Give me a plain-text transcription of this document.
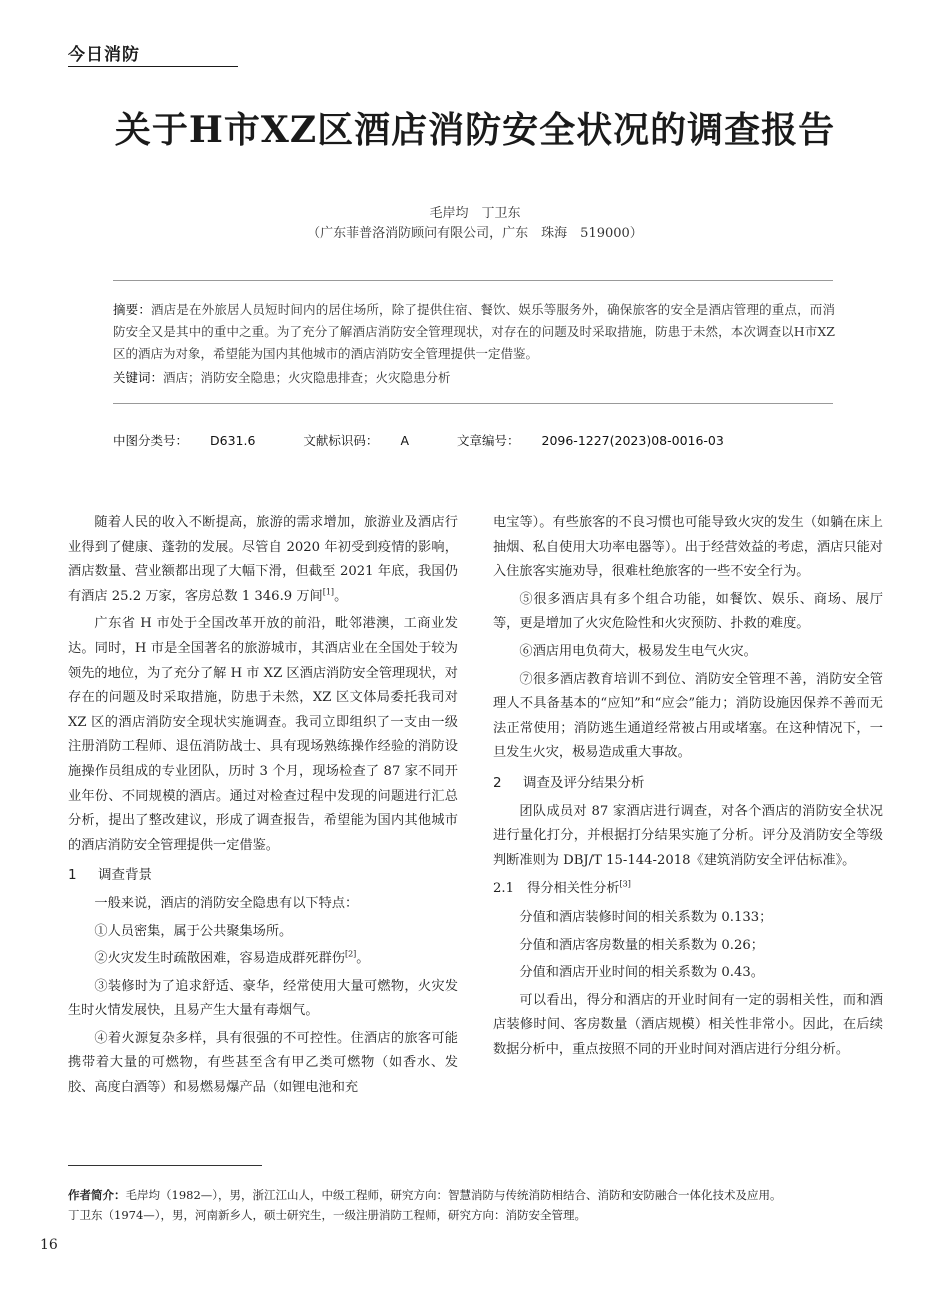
今日消防
关于H市XZ区酒店消防安全状况的调查报告
毛岸均　丁卫东
（广东菲普洛消防顾问有限公司，广东　珠海　519000）
摘要：酒店是在外旅居人员短时间内的居住场所，除了提供住宿、餐饮、娱乐等服务外，确保旅客的安全是酒店管理的重点，而消防安全又是其中的重中之重。为了充分了解酒店消防安全管理现状，对存在的问题及时采取措施，防患于未然，本次调查以H市XZ区的酒店为对象，希望能为国内其他城市的酒店消防安全管理提供一定借鉴。
关键词：酒店；消防安全隐患；火灾隐患排查；火灾隐患分析
中图分类号： D631.6	文献标识码： A	文章编号： 2096-1227(2023)08-0016-03

随着人民的收入不断提高，旅游的需求增加，旅游业及酒店行业得到了健康、蓬勃的发展。尽管自 2020 年初受到疫情的影响，酒店数量、营业额都出现了大幅下滑，但截至 2021 年底，我国仍有酒店 25.2 万家，客房总数 1 346.9 万间[1]。

广东省 H 市处于全国改革开放的前沿，毗邻港澳，工商业发达。同时，H 市是全国著名的旅游城市，其酒店业在全国处于较为领先的地位，为了充分了解 H 市 XZ 区酒店消防安全管理现状，对存在的问题及时采取措施，防患于未然，XZ 区文体局委托我司对 XZ 区的酒店消防安全现状实施调查。我司立即组织了一支由一级注册消防工程师、退伍消防战士、具有现场熟练操作经验的消防设施操作员组成的专业团队，历时 3 个月，现场检查了 87 家不同开业年份、不同规模的酒店。通过对检查过程中发现的问题进行汇总分析，提出了整改建议，形成了调查报告，希望能为国内其他城市的酒店消防安全管理提供一定借鉴。

1 调查背景

一般来说，酒店的消防安全隐患有以下特点：

①人员密集，属于公共聚集场所。

②火灾发生时疏散困难，容易造成群死群伤[2]。

③装修时为了追求舒适、豪华，经常使用大量可燃物，火灾发生时火情发展快，且易产生大量有毒烟气。

④着火源复杂多样，具有很强的不可控性。住酒店的旅客可能携带着大量的可燃物，有些甚至含有甲乙类可燃物（如香水、发胶、高度白酒等）和易燃易爆产品（如锂电池和充

电宝等）。有些旅客的不良习惯也可能导致火灾的发生（如躺在床上抽烟、私自使用大功率电器等）。出于经营效益的考虑，酒店只能对入住旅客实施劝导，很难杜绝旅客的一些不安全行为。

⑤很多酒店具有多个组合功能，如餐饮、娱乐、商场、展厅等，更是增加了火灾危险性和火灾预防、扑救的难度。

⑥酒店用电负荷大，极易发生电气火灾。

⑦很多酒店教育培训不到位、消防安全管理不善，消防安全管理人不具备基本的“应知”和“应会”能力；消防设施因保养不善而无法正常使用；消防逃生通道经常被占用或堵塞。在这种情况下，一旦发生火灾，极易造成重大事故。

2 调查及评分结果分析

团队成员对 87 家酒店进行调查，对各个酒店的消防安全状况进行量化打分，并根据打分结果实施了分析。评分及消防安全等级判断准则为 DBJ/T 15-144-2018《建筑消防安全评估标准》。

2.1　得分相关性分析[3]

分值和酒店装修时间的相关系数为 0.133；

分值和酒店客房数量的相关系数为 0.26；

分值和酒店开业时间的相关系数为 0.43。

可以看出，得分和酒店的开业时间有一定的弱相关性，而和酒店装修时间、客房数量（酒店规模）相关性非常小。因此，在后续数据分析中，重点按照不同的开业时间对酒店进行分组分析。

作者简介：毛岸均（1982—），男，浙江江山人，中级工程师，研究方向：智慧消防与传统消防相结合、消防和安防融合一体化技术及应用。
丁卫东（1974—），男，河南新乡人，硕士研究生，一级注册消防工程师，研究方向：消防安全管理。
16
